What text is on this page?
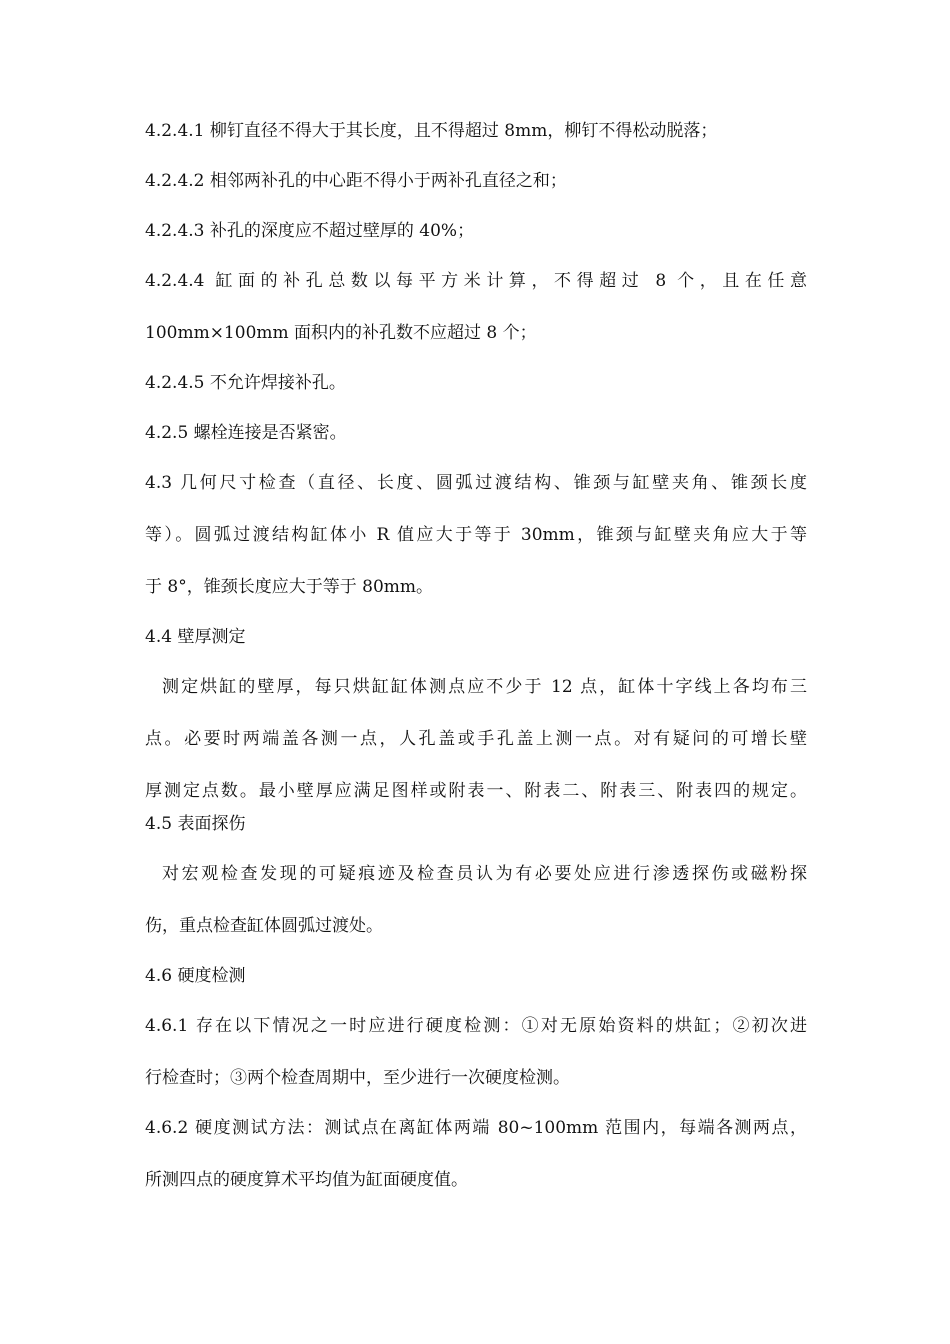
4.2.4.1 柳钉直径不得大于其长度，且不得超过 8mm，柳钉不得松动脱落；

4.2.4.2 相邻两补孔的中心距不得小于两补孔直径之和；

4.2.4.3 补孔的深度应不超过壁厚的 40%；

4.2.4.4 缸面的补孔总数以每平方米计算，不得超过 8 个，且在任意

100mm×100mm 面积内的补孔数不应超过 8 个；

4.2.4.5 不允许焊接补孔。

4.2.5 螺栓连接是否紧密。

4.3 几何尺寸检查（直径、长度、圆弧过渡结构、锥颈与缸壁夹角、锥颈长度

等）。圆弧过渡结构缸体小 R 值应大于等于 30mm，锥颈与缸壁夹角应大于等

于 8°，锥颈长度应大于等于 80mm。

4.4 壁厚测定

测定烘缸的壁厚，每只烘缸缸体测点应不少于 12 点，缸体十字线上各均布三

点。必要时两端盖各测一点，人孔盖或手孔盖上测一点。对有疑问的可增长壁

厚测定点数。最小壁厚应满足图样或附表一、附表二、附表三、附表四的规定。

4.5 表面探伤

对宏观检查发现的可疑痕迹及检查员认为有必要处应进行渗透探伤或磁粉探

伤，重点检查缸体圆弧过渡处。

4.6 硬度检测

4.6.1 存在以下情况之一时应进行硬度检测：①对无原始资料的烘缸；②初次进

行检查时；③两个检查周期中，至少进行一次硬度检测。

4.6.2 硬度测试方法：测试点在离缸体两端 80~100mm 范围内，每端各测两点，

所测四点的硬度算术平均值为缸面硬度值。
